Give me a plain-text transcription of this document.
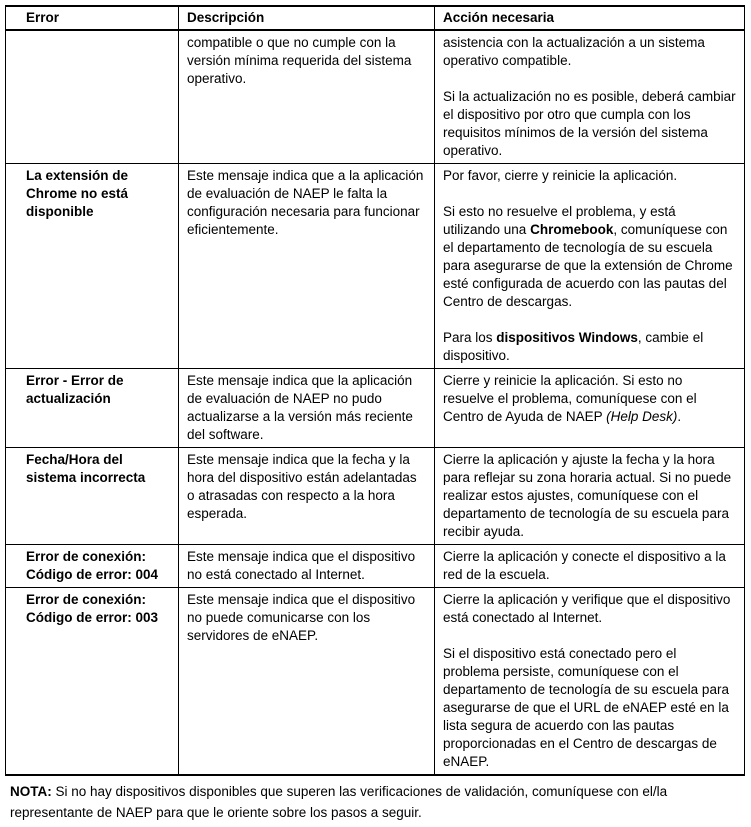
Error	Descripción	Acción necesaria

	compatible o que no cumple con la versión mínima requerida del sistema operativo.	asistencia con la actualización a un sistema operativo compatible.

Si la actualización no es posible, deberá cambiar el dispositivo por otro que cumpla con los requisitos mínimos de la versión del sistema operativo.

La extensión de Chrome no está disponible	Este mensaje indica que a la aplicación de evaluación de NAEP le falta la configuración necesaria para funcionar eficientemente.	Por favor, cierre y reinicie la aplicación.

Si esto no resuelve el problema, y está utilizando una Chromebook, comuníquese con el departamento de tecnología de su escuela para asegurarse de que la extensión de Chrome esté configurada de acuerdo con las pautas del Centro de descargas.

Para los dispositivos Windows, cambie el dispositivo.

Error - Error de actualización	Este mensaje indica que la aplicación de evaluación de NAEP no pudo actualizarse a la versión más reciente del software.	Cierre y reinicie la aplicación. Si esto no resuelve el problema, comuníquese con el Centro de Ayuda de NAEP (Help Desk).

Fecha/Hora del sistema incorrecta	Este mensaje indica que la fecha y la hora del dispositivo están adelantadas o atrasadas con respecto a la hora esperada.	Cierre la aplicación y ajuste la fecha y la hora para reflejar su zona horaria actual. Si no puede realizar estos ajustes, comuníquese con el departamento de tecnología de su escuela para recibir ayuda.

Error de conexión: Código de error: 004	Este mensaje indica que el dispositivo no está conectado al Internet.	Cierre la aplicación y conecte el dispositivo a la red de la escuela.

Error de conexión: Código de error: 003	Este mensaje indica que el dispositivo no puede comunicarse con los servidores de eNAEP.	Cierre la aplicación y verifique que el dispositivo está conectado al Internet.

Si el dispositivo está conectado pero el problema persiste, comuníquese con el departamento de tecnología de su escuela para asegurarse de que el URL de eNAEP esté en la lista segura de acuerdo con las pautas proporcionadas en el Centro de descargas de eNAEP.

NOTA: Si no hay dispositivos disponibles que superen las verificaciones de validación, comuníquese con el/la representante de NAEP para que le oriente sobre los pasos a seguir.
